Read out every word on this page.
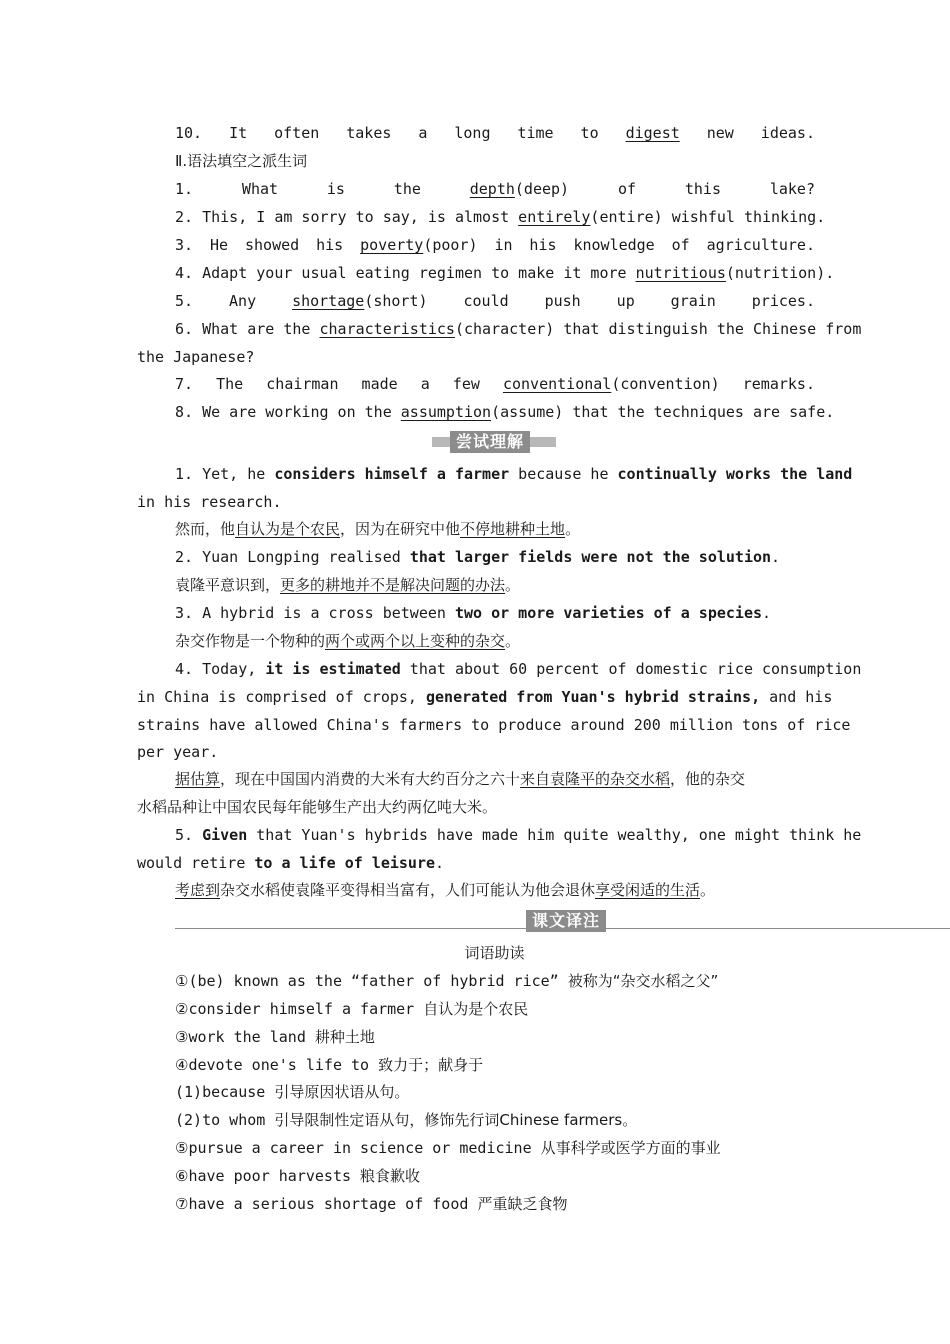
10. It often takes a long time to digest new ideas.
Ⅱ.语法填空之派生词
1. What is the depth(deep) of this lake?
2. This, I am sorry to say, is almost entirely(entire) wishful thinking.
3. He showed his poverty(poor) in his knowledge of agriculture.
4. Adapt your usual eating regimen to make it more nutritious(nutrition).
5. Any shortage(short) could push up grain prices.
6. What are the characteristics(character) that distinguish the Chinese from
the Japanese?
7. The chairman made a few conventional(convention) remarks.
8. We are working on the assumption(assume) that the techniques are safe.
尝试理解
1. Yet, he considers himself a farmer because he continually works the land
in his research.
然而，他自认为是个农民，因为在研究中他不停地耕种土地。
2. Yuan Longping realised that larger fields were not the solution.
袁隆平意识到，更多的耕地并不是解决问题的办法。
3. A hybrid is a cross between two or more varieties of a species.
杂交作物是一个物种的两个或两个以上变种的杂交。
4. Today, it is estimated that about 60 percent of domestic rice consumption
in China is comprised of crops, generated from Yuan's hybrid strains, and his
strains have allowed China's farmers to produce around 200 million tons of rice
per year.
据估算，现在中国国内消费的大米有大约百分之六十来自袁隆平的杂交水稻，他的杂交
水稻品种让中国农民每年能够生产出大约两亿吨大米。
5. Given that Yuan's hybrids have made him quite wealthy, one might think he
would retire to a life of leisure.
考虑到杂交水稻使袁隆平变得相当富有，人们可能认为他会退休享受闲适的生活。
课文译注
词语助读
①(be) known as the “father of hybrid rice” 被称为“杂交水稻之父”
②consider himself a farmer 自认为是个农民
③work the land 耕种土地
④devote one's life to 致力于；献身于
(1)because 引导原因状语从句。
(2)to whom 引导限制性定语从句，修饰先行词Chinese farmers。
⑤pursue a career in science or medicine 从事科学或医学方面的事业
⑥have poor harvests 粮食歉收
⑦have a serious shortage of food 严重缺乏食物
